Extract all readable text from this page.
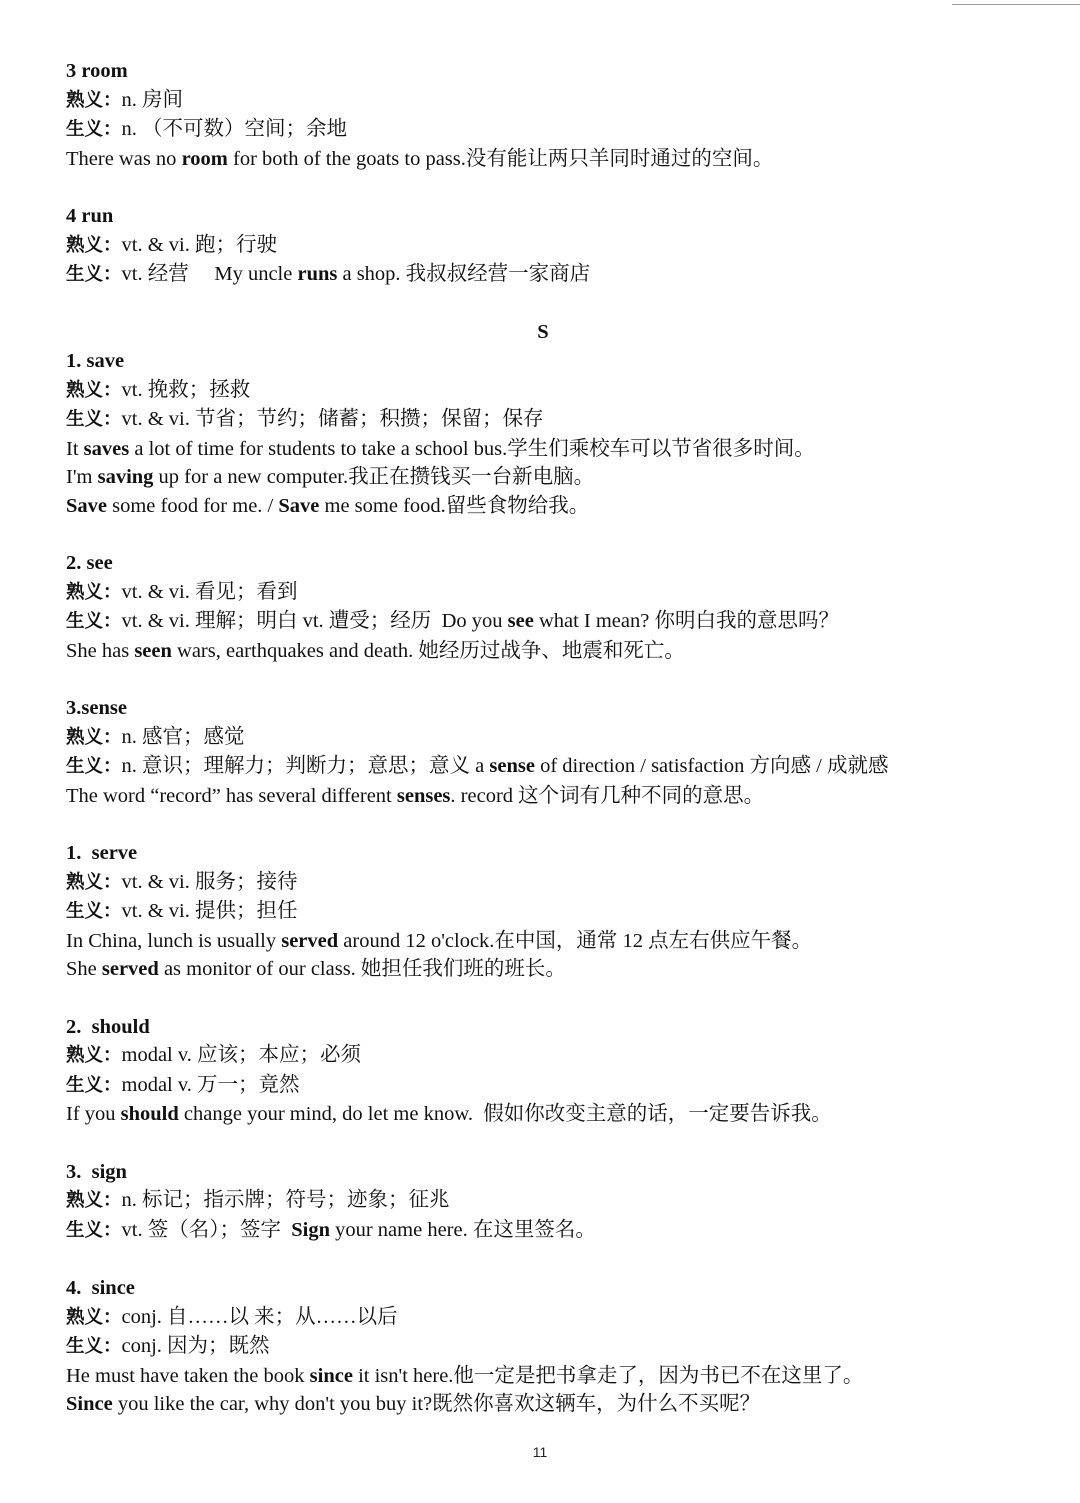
3 room
熟义：n. 房间
生义：n. （不可数）空间；余地
There was no room for both of the goats to pass.没有能让两只羊同时通过的空间。
4 run
熟义：vt. & vi. 跑；行驶
生义：vt. 经营     My uncle runs a shop. 我叔叔经营一家商店
S
1. save
熟义：vt. 挽救；拯救
生义：vt. & vi. 节省；节约；储蓄；积攒；保留；保存
It saves a lot of time for students to take a school bus.学生们乘校车可以节省很多时间。
I'm saving up for a new computer.我正在攒钱买一台新电脑。
Save some food for me. / Save me some food.留些食物给我。
2. see
熟义：vt. & vi. 看见；看到
生义：vt. & vi. 理解；明白 vt. 遭受；经历  Do you see what I mean? 你明白我的意思吗？
She has seen wars, earthquakes and death. 她经历过战争、地震和死亡。
3.sense
熟义：n. 感官；感觉
生义：n. 意识；理解力；判断力；意思；意义 a sense of direction / satisfaction 方向感 / 成就感
The word “record” has several different senses. record 这个词有几种不同的意思。
1.  serve
熟义：vt. & vi. 服务；接待
生义：vt. & vi. 提供；担任
In China, lunch is usually served around 12 o'clock.在中国，通常 12 点左右供应午餐。
She served as monitor of our class. 她担任我们班的班长。
2.  should
熟义：modal v. 应该；本应；必须
生义：modal v. 万一；竟然
If you should change your mind, do let me know.  假如你改变主意的话，一定要告诉我。
3.  sign
熟义：n. 标记；指示牌；符号；迹象；征兆
生义：vt. 签（名）；签字 Sign your name here. 在这里签名。
4.  since
熟义：conj. 自……以 来；从……以后
生义：conj. 因为；既然
He must have taken the book since it isn't here.他一定是把书拿走了，因为书已不在这里了。
Since you like the car, why don't you buy it?既然你喜欢这辆车，为什么不买呢？
11
